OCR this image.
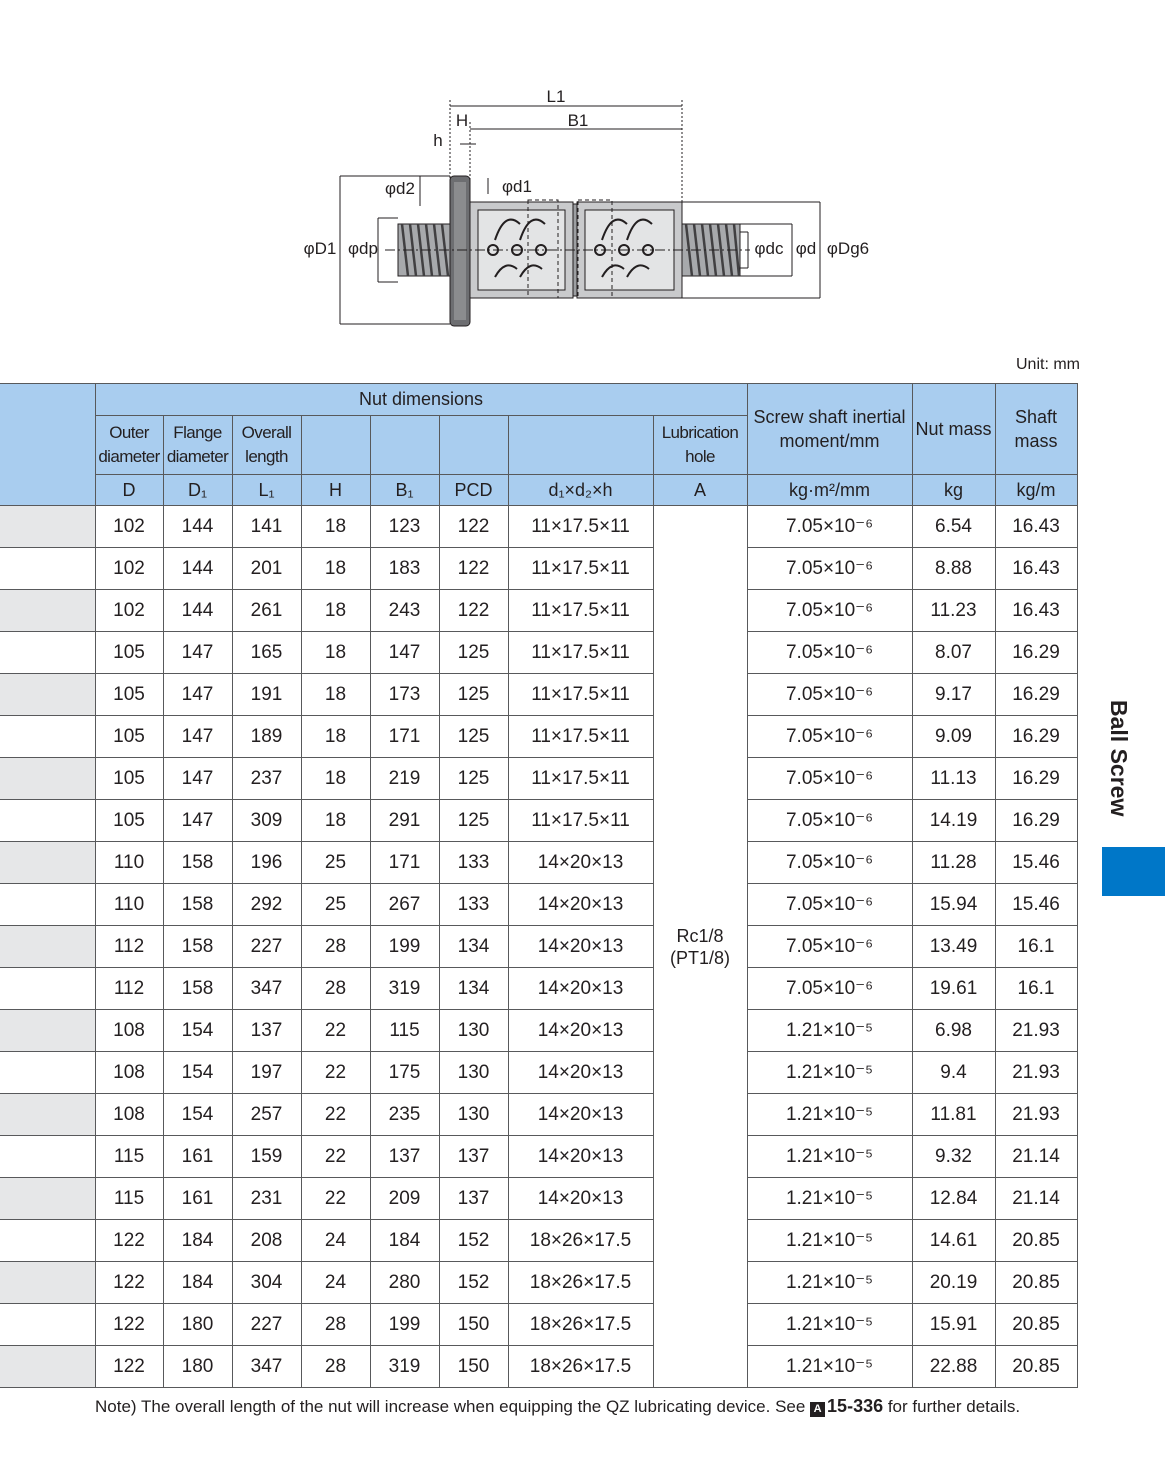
L1
B1
H
h
φd2	φd1
φD1 φdp	φdc φd φDg6
Unit: mm
	Nut dimensions								Screw shaft inertial moment/mm	Nut mass	Shaft mass
	Outer diameter	Flange diameter	Overall length					Lubrication hole			
	D	D₁	L₁	H	B₁	PCD	d₁×d₂×h	A	kg·m²/mm	kg	kg/m
	102	144	141	18	123	122	11×17.5×11	Rc1/8 (PT1/8)	7.05×10⁻⁶	6.54	16.43
	102	144	201	18	183	122	11×17.5×11		7.05×10⁻⁶	8.88	16.43
	102	144	261	18	243	122	11×17.5×11		7.05×10⁻⁶	11.23	16.43
	105	147	165	18	147	125	11×17.5×11		7.05×10⁻⁶	8.07	16.29
	105	147	191	18	173	125	11×17.5×11		7.05×10⁻⁶	9.17	16.29
	105	147	189	18	171	125	11×17.5×11		7.05×10⁻⁶	9.09	16.29
	105	147	237	18	219	125	11×17.5×11		7.05×10⁻⁶	11.13	16.29
	105	147	309	18	291	125	11×17.5×11		7.05×10⁻⁶	14.19	16.29
	110	158	196	25	171	133	14×20×13		7.05×10⁻⁶	11.28	15.46
	110	158	292	25	267	133	14×20×13		7.05×10⁻⁶	15.94	15.46
	112	158	227	28	199	134	14×20×13		7.05×10⁻⁶	13.49	16.1
	112	158	347	28	319	134	14×20×13		7.05×10⁻⁶	19.61	16.1
	108	154	137	22	115	130	14×20×13		1.21×10⁻⁵	6.98	21.93
	108	154	197	22	175	130	14×20×13		1.21×10⁻⁵	9.4	21.93
	108	154	257	22	235	130	14×20×13		1.21×10⁻⁵	11.81	21.93
	115	161	159	22	137	137	14×20×13		1.21×10⁻⁵	9.32	21.14
	115	161	231	22	209	137	14×20×13		1.21×10⁻⁵	12.84	21.14
	122	184	208	24	184	152	18×26×17.5		1.21×10⁻⁵	14.61	20.85
	122	184	304	24	280	152	18×26×17.5		1.21×10⁻⁵	20.19	20.85
	122	180	227	28	199	150	18×26×17.5		1.21×10⁻⁵	15.91	20.85
	122	180	347	28	319	150	18×26×17.5		1.21×10⁻⁵	22.88	20.85
Note) The overall length of the nut will increase when equipping the QZ lubricating device. See A 15-336 for further details.
Ball Screw
